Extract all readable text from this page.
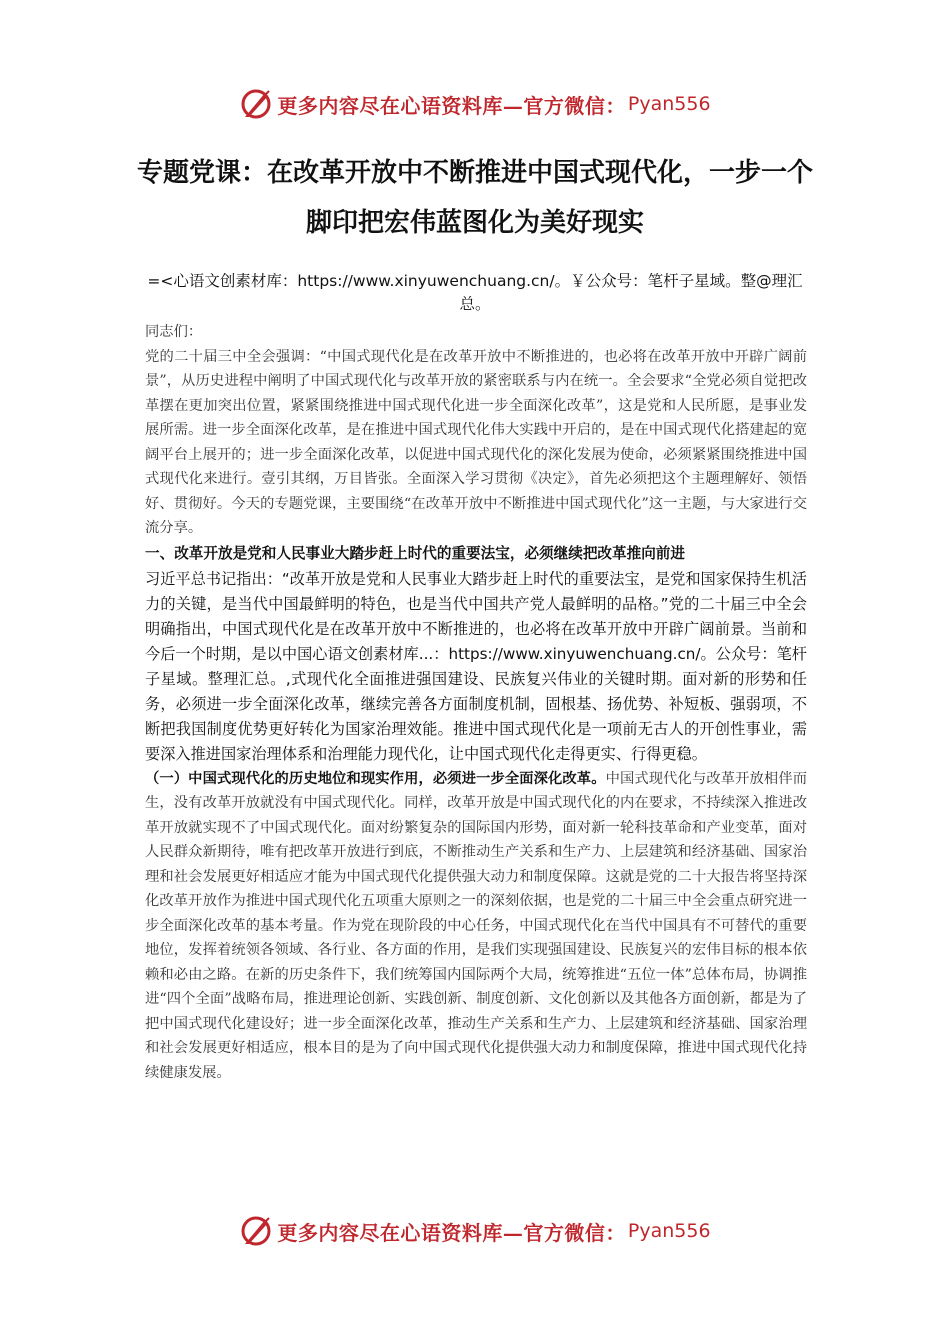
更多内容尽在心语资料库—官方微信： Pyan556
专题党课：在改革开放中不断推进中国式现代化，一步一个脚印把宏伟蓝图化为美好现实
=<心语文创素材库：https://www.xinyuwenchuang.cn/。￥公众号：笔杆子星域。整@理汇总。

同志们：

党的二十届三中全会强调：“中国式现代化是在改革开放中不断推进的，也必将在改革开放中开辟广阔前景”，从历史进程中阐明了中国式现代化与改革开放的紧密联系与内在统一。全会要求“全党必须自觉把改革摆在更加突出位置，紧紧围绕推进中国式现代化进一步全面深化改革”，这是党和人民所愿，是事业发展所需。进一步全面深化改革，是在推进中国式现代化伟大实践中开启的，是在中国式现代化搭建起的宽阔平台上展开的；进一步全面深化改革，以促进中国式现代化的深化发展为使命，必须紧紧围绕推进中国式现代化来进行。壹引其纲，万目皆张。全面深入学习贯彻《决定》，首先必须把这个主题理解好、领悟好、贯彻好。今天的专题党课，主要围绕“在改革开放中不断推进中国式现代化”这一主题，与大家进行交流分享。

一、改革开放是党和人民事业大踏步赶上时代的重要法宝，必须继续把改革推向前进

习近平总书记指出：“改革开放是党和人民事业大踏步赶上时代的重要法宝，是党和国家保持生机活力的关键，是当代中国最鲜明的特色，也是当代中国共产党人最鲜明的品格。”党的二十届三中全会明确指出，中国式现代化是在改革开放中不断推进的，也必将在改革开放中开辟广阔前景。当前和今后一个时期，是以中国心语文创素材库...：https://www.xinyuwenchuang.cn/。公众号：笔杆子星域。整理汇总。,式现代化全面推进强国建设、民族复兴伟业的关键时期。面对新的形势和任务，必须进一步全面深化改革，继续完善各方面制度机制，固根基、扬优势、补短板、强弱项，不断把我国制度优势更好转化为国家治理效能。推进中国式现代化是一项前无古人的开创性事业，需要深入推进国家治理体系和治理能力现代化，让中国式现代化走得更实、行得更稳。

（一）中国式现代化的历史地位和现实作用，必须进一步全面深化改革。中国式现代化与改革开放相伴而生，没有改革开放就没有中国式现代化。同样，改革开放是中国式现代化的内在要求，不持续深入推进改革开放就实现不了中国式现代化。面对纷繁复杂的国际国内形势，面对新一轮科技革命和产业变革，面对人民群众新期待，唯有把改革开放进行到底，不断推动生产关系和生产力、上层建筑和经济基础、国家治理和社会发展更好相适应才能为中国式现代化提供强大动力和制度保障。这就是党的二十大报告将坚持深化改革开放作为推进中国式现代化五项重大原则之一的深刻依据，也是党的二十届三中全会重点研究进一步全面深化改革的基本考量。作为党在现阶段的中心任务，中国式现代化在当代中国具有不可替代的重要地位，发挥着统领各领域、各行业、各方面的作用，是我们实现强国建设、民族复兴的宏伟目标的根本依赖和必由之路。在新的历史条件下，我们统筹国内国际两个大局，统筹推进“五位一体”总体布局，协调推进“四个全面”战略布局，推进理论创新、实践创新、制度创新、文化创新以及其他各方面创新，都是为了把中国式现代化建设好；进一步全面深化改革，推动生产关系和生产力、上层建筑和经济基础、国家治理和社会发展更好相适应，根本目的是为了向中国式现代化提供强大动力和制度保障，推进中国式现代化持续健康发展。

更多内容尽在心语资料库—官方微信： Pyan556
